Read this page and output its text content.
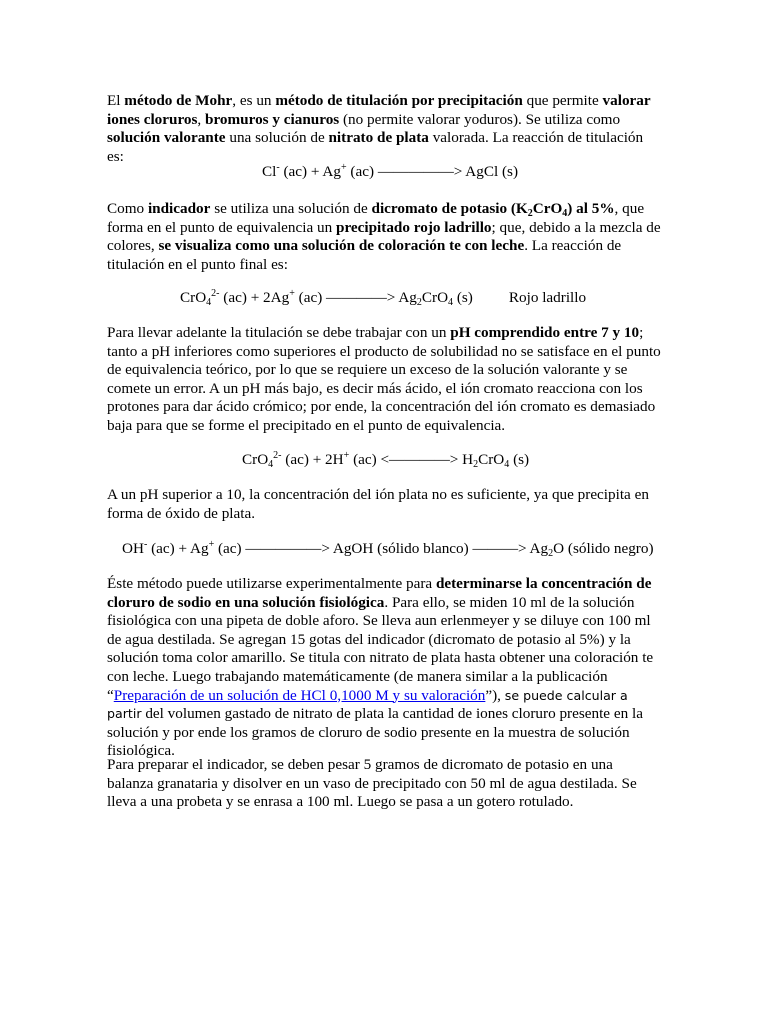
El método de Mohr, es un método de titulación por precipitación que permite valorar iones cloruros, bromuros y cianuros (no permite valorar yoduros). Se utiliza como solución valorante una solución de nitrato de plata valorada. La reacción de titulación es:

Cl- (ac) + Ag+ (ac) —————> AgCl (s)

Como indicador se utiliza una solución de dicromato de potasio $(K_2CrO_4)$ al 5%, que forma en el punto de equivalencia un precipitado rojo ladrillo; que, debido a la mezcla de colores, se visualiza como una solución de coloración te con leche. La reacción de titulación en el punto final es:

CrO$_4^{2-}$ (ac) + 2Ag+ (ac) ————> $Ag_2CrO_4$ (s) Rojo ladrillo

Para llevar adelante la titulación se debe trabajar con un pH comprendido entre 7 y 10; tanto a pH inferiores como superiores el producto de solubilidad no se satisface en el punto de equivalencia teórico, por lo que se requiere un exceso de la solución valorante y se comete un error. A un pH más bajo, es decir más ácido, el ión cromato reacciona con los protones para dar ácido crómico; por ende, la concentración del ión cromato es demasiado baja para que se forme el precipitado en el punto de equivalencia.

CrO$_4^{2-}$ (ac) + 2H+ (ac) <————> $H_2CrO_4$ (s)

A un pH superior a 10, la concentración del ión plata no es suficiente, ya que precipita en forma de óxido de plata.

OH- (ac) + Ag+ (ac) —————> AgOH (sólido blanco) ———> $Ag_2O$ (sólido negro)

Éste método puede utilizarse experimentalmente para determinarse la concentración de cloruro de sodio en una solución fisiológica. Para ello, se miden 10 ml de la solución fisiológica con una pipeta de doble aforo. Se lleva aun erlenmeyer y se diluye con 100 ml de agua destilada. Se agregan 15 gotas del indicador (dicromato de potasio al 5%) y la solución toma color amarillo. Se titula con nitrato de plata hasta obtener una coloración te con leche. Luego trabajando matemáticamente (de manera similar a la publicación “Preparación de un solución de HCl 0,1000 M y su valoración”), se puede calcular a partir del volumen gastado de nitrato de plata la cantidad de iones cloruro presente en la solución y por ende los gramos de cloruro de sodio presente en la muestra de solución fisiológica.

Para preparar el indicador, se deben pesar 5 gramos de dicromato de potasio en una balanza granataria y disolver en un vaso de precipitado con 50 ml de agua destilada. Se lleva a una probeta y se enrasa a 100 ml. Luego se pasa a un gotero rotulado.
